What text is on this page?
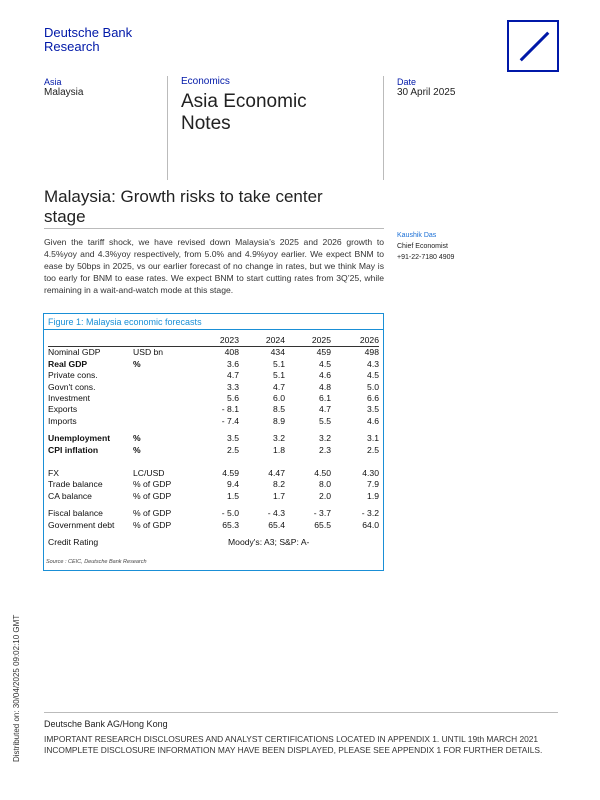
Deutsche Bank
Research
Asia
Malaysia
Economics
Asia Economic
Notes
Date
30 April 2025
Malaysia: Growth risks to take center
stage
Given the tariff shock, we have revised down Malaysia’s 2025 and 2026 growth to 4.5%yoy and 4.3%yoy respectively, from 5.0% and 4.9%yoy earlier. We expect BNM to ease by 50bps in 2025, vs our earlier forecast of no change in rates, but we think May is too early for BNM to ease rates. We expect BNM to start cutting rates from 3Q’25, while remaining in a wait-and-watch mode at this stage.
Kaushik Das
Chief Economist
+91-22-7180 4909
Figure 1: Malaysia economic forecasts
		2023	2024	2025	2026
Nominal GDP	USD bn	408	434	459	498
Real GDP	%	3.6	5.1	4.5	4.3
Private cons.		4.7	5.1	4.6	4.5
Govn't cons.		3.3	4.7	4.8	5.0
Investment		5.6	6.0	6.1	6.6
Exports		- 8.1	8.5	4.7	3.5
Imports		- 7.4	8.9	5.5	4.6

Unemployment	%	3.5	3.2	3.2	3.1
CPI inflation	%	2.5	1.8	2.3	2.5

FX	LC/USD	4.59	4.47	4.50	4.30
Trade balance	% of GDP	9.4	8.2	8.0	7.9
CA balance	% of GDP	1.5	1.7	2.0	1.9

Fiscal balance	% of GDP	- 5.0	- 4.3	- 3.7	- 3.2
Government debt	% of GDP	65.3	65.4	65.5	64.0

Credit Rating		Moody's: A3; S&P: A-			
Source : CEIC, Deutsche Bank Research
Distributed on: 30/04/2025 09:02:10 GMT	Deutsche Bank AG/Hong Kong
IMPORTANT RESEARCH DISCLOSURES AND ANALYST CERTIFICATIONS LOCATED IN APPENDIX 1. UNTIL 19th MARCH 2021 INCOMPLETE DISCLOSURE INFORMATION MAY HAVE BEEN DISPLAYED, PLEASE SEE APPENDIX 1 FOR FURTHER DETAILS.
